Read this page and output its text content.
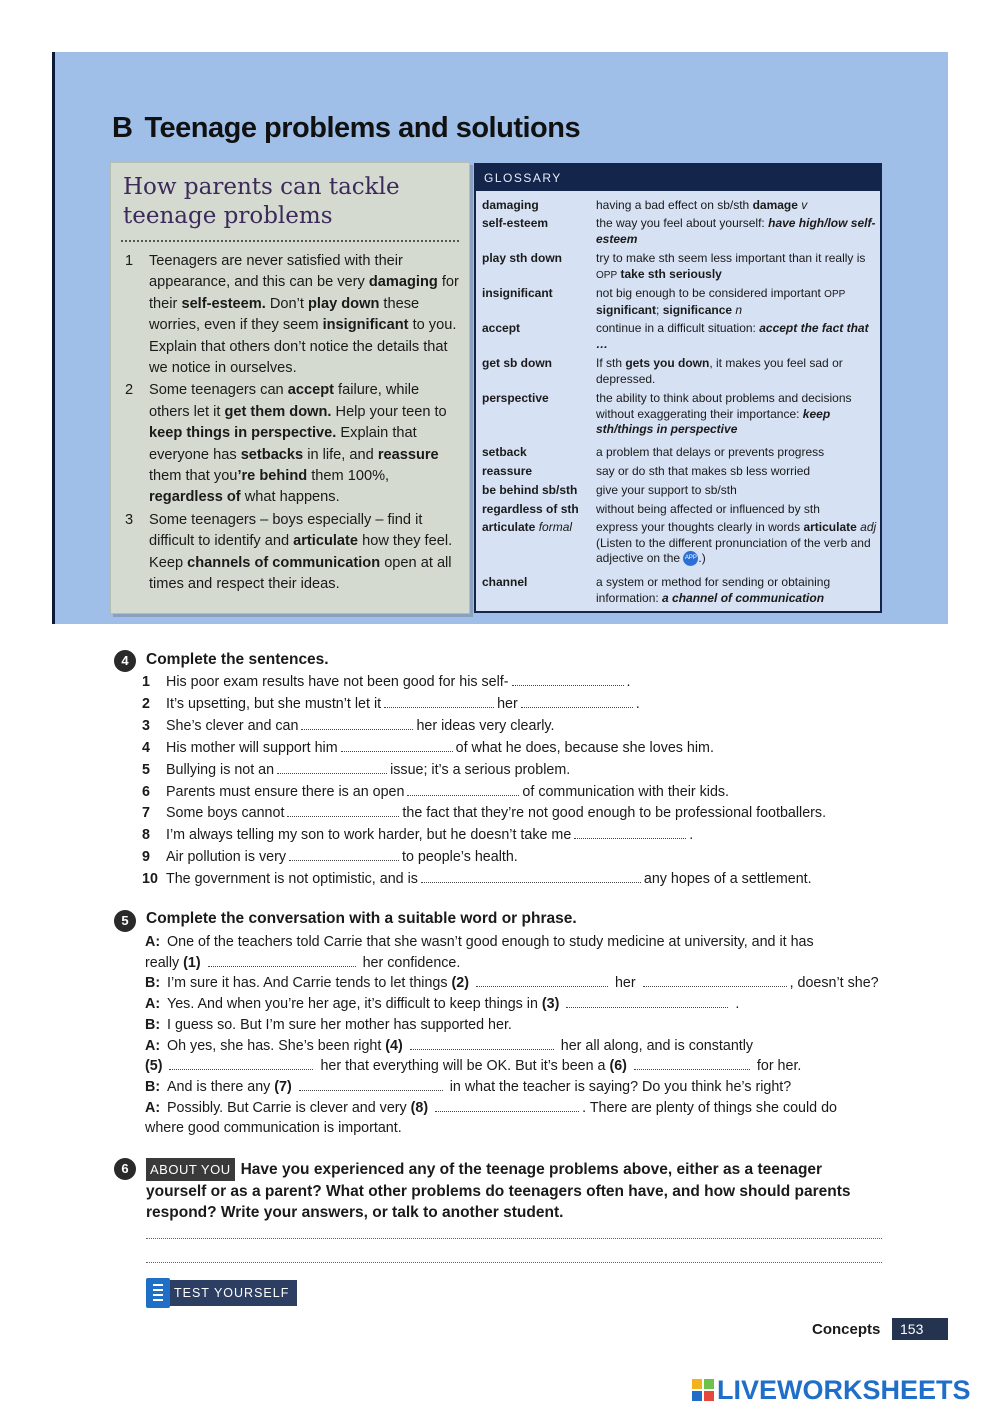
B Teenage problems and solutions
How parents can tackle
teenage problems
1 Teenagers are never satisfied with their appearance, and this can be very damaging for their self-esteem. Don’t play down these worries, even if they seem insignificant to you. Explain that others don’t notice the details that we notice in ourselves.
2 Some teenagers can accept failure, while others let it get them down. Help your teen to keep things in perspective. Explain that everyone has setbacks in life, and reassure them that you’re behind them 100%, regardless of what happens.
3 Some teenagers – boys especially – find it difficult to identify and articulate how they feel. Keep channels of communication open at all times and respect their ideas.
GLOSSARY
damaging	having a bad effect on sb/sth damage v
self-esteem	the way you feel about yourself: have high/low self-esteem
play sth down	try to make sth seem less important than it really is OPP take sth seriously
insignificant	not big enough to be considered important OPP significant; significance n
accept	continue in a difficult situation: accept the fact that …
get sb down	If sth gets you down, it makes you feel sad or depressed.
perspective	the ability to think about problems and decisions without exaggerating their importance: keep sth/things in perspective
setback	a problem that delays or prevents progress
reassure	say or do sth that makes sb less worried
be behind sb/sth	give your support to sb/sth
regardless of sth	without being affected or influenced by sth
articulate formal	express your thoughts clearly in words articulate adj (Listen to the different pronunciation of the verb and adjective on the APP .)
channel	a system or method for sending or obtaining information: a channel of communication
4	Complete the sentences.
1 His poor exam results have not been good for his self-	.
2 It’s upsetting, but she mustn’t let it	her	.
3 She’s clever and can	her ideas very clearly.
4 His mother will support him	of what he does, because she loves him.
5 Bullying is not an	issue; it’s a serious problem.
6 Parents must ensure there is an open	of communication with their kids.
7 Some boys cannot	the fact that they’re not good enough to be professional footballers.
8 I’m always telling my son to work harder, but he doesn’t take me	.
9 Air pollution is very	to people’s health.
10 The government is not optimistic, and is	any hopes of a settlement.
5	Complete the conversation with a suitable word or phrase.
A: One of the teachers told Carrie that she wasn’t good enough to study medicine at university, and it has
really (1)	her confidence.
B: I’m sure it has. And Carrie tends to let things (2)	her	, doesn’t she?
A: Yes. And when you’re her age, it’s difficult to keep things in (3)	.
B: I guess so. But I’m sure her mother has supported her.
A: Oh yes, she has. She’s been right (4)	her all along, and is constantly
(5)	her that everything will be OK. But it’s been a (6)	for her.
B: And is there any (7)	in what the teacher is saying? Do you think he’s right?
A: Possibly. But Carrie is clever and very (8)	. There are plenty of things she could do
where good communication is important.
6	ABOUT YOU Have you experienced any of the teenage problems above, either as a teenager
yourself or as a parent? What other problems do teenagers often have, and how should parents
respond? Write your answers, or talk to another student.
TEST YOURSELF
Concepts	153
LIVEWORKSHEETS
